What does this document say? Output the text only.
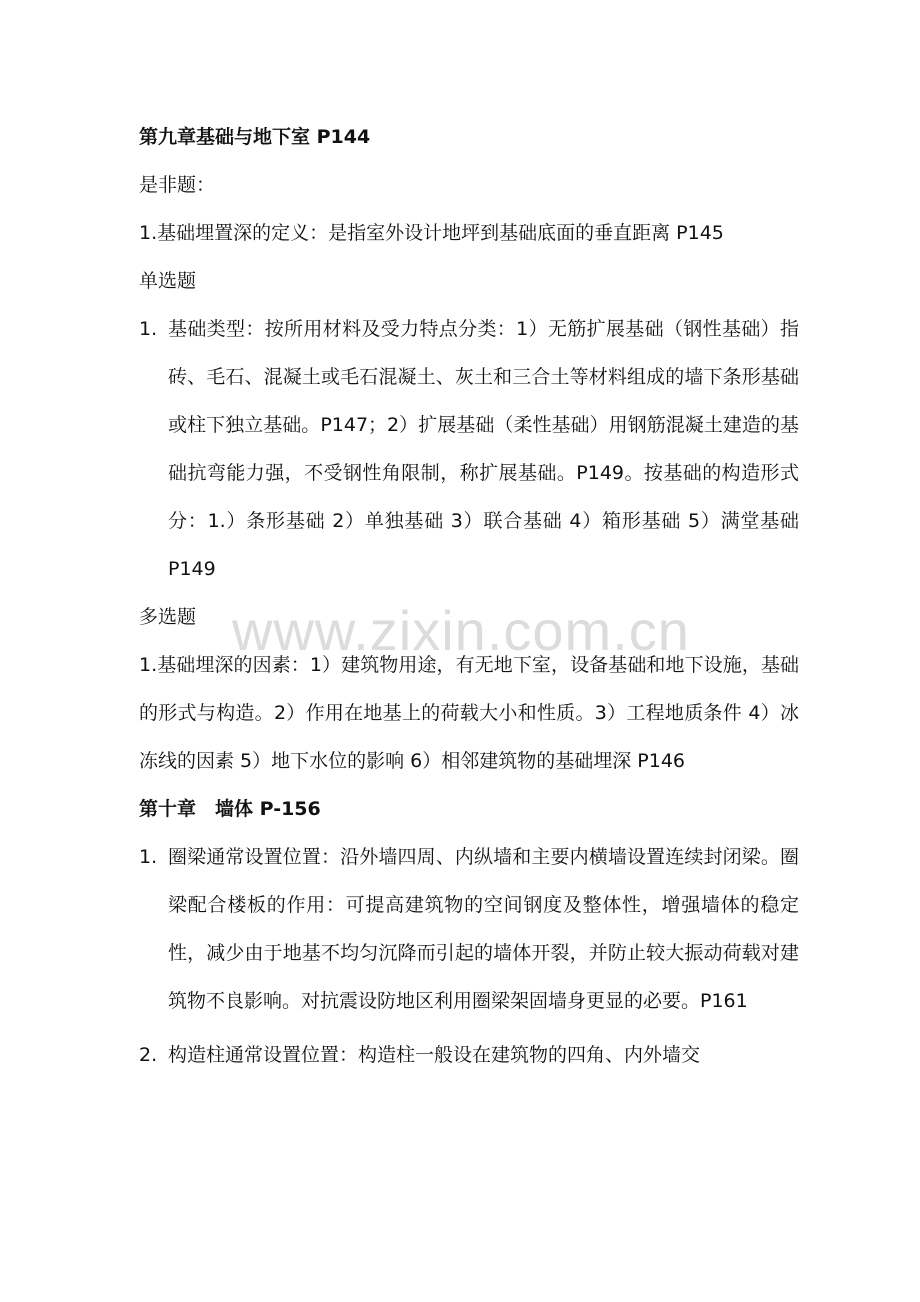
www.zixin.com.cn
第九章基础与地下室 P144
是非题：
1.基础埋置深的定义：是指室外设计地坪到基础底面的垂直距离 P145
单选题
1. 基础类型：按所用材料及受力特点分类：1）无筋扩展基础（钢性基础）指砖、毛石、混凝土或毛石混凝土、灰土和三合土等材料组成的墙下条形基础或柱下独立基础。P147；2）扩展基础（柔性基础）用钢筋混凝土建造的基础抗弯能力强，不受钢性角限制，称扩展基础。P149。按基础的构造形式分：1.）条形基础 2）单独基础 3）联合基础 4）箱形基础 5）满堂基础 P149
多选题
1.基础埋深的因素：1）建筑物用途，有无地下室，设备基础和地下设施，基础的形式与构造。2）作用在地基上的荷载大小和性质。3）工程地质条件 4）冰冻线的因素 5）地下水位的影响 6）相邻建筑物的基础埋深 P146
第十章　墙体 P-156
1. 圈梁通常设置位置：沿外墙四周、内纵墙和主要内横墙设置连续封闭梁。圈梁配合楼板的作用：可提高建筑物的空间钢度及整体性，增强墙体的稳定性，减少由于地基不均匀沉降而引起的墙体开裂，并防止较大振动荷载对建筑物不良影响。对抗震设防地区利用圈梁架固墙身更显的必要。P161
2. 构造柱通常设置位置：构造柱一般设在建筑物的四角、内外墙交
